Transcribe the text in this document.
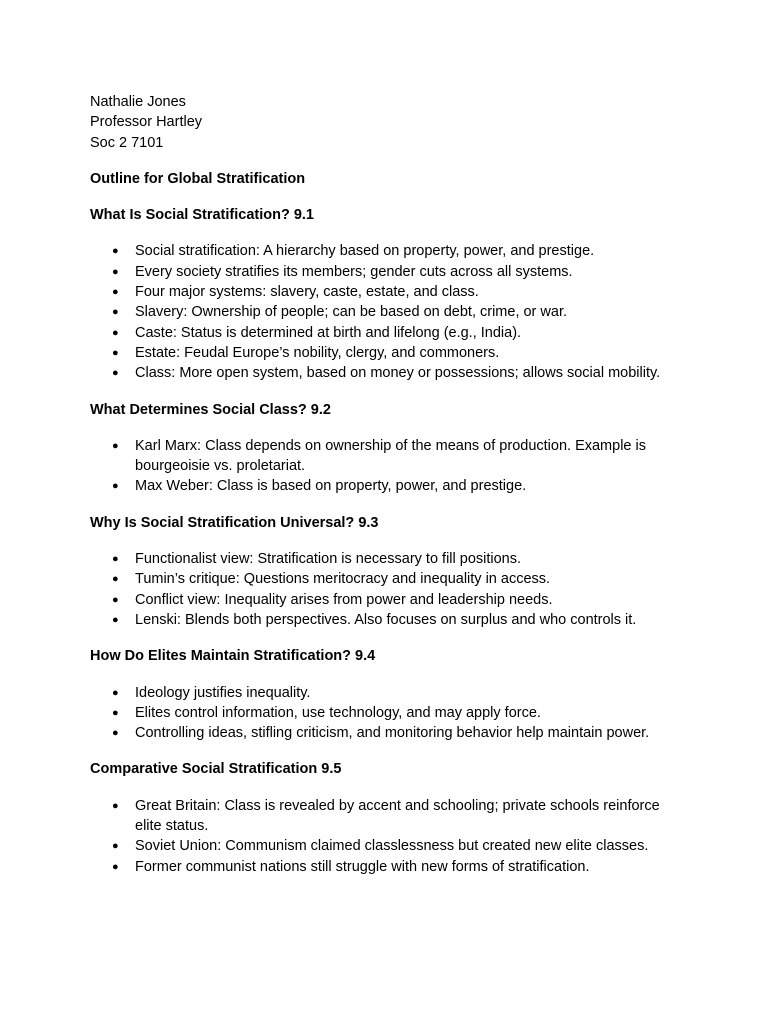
Nathalie Jones

Professor Hartley

Soc 2 7101

Outline for Global Stratification

What Is Social Stratification? 9.1

● Social stratification: A hierarchy based on property, power, and prestige.
● Every society stratifies its members; gender cuts across all systems.
● Four major systems: slavery, caste, estate, and class.
● Slavery: Ownership of people; can be based on debt, crime, or war.
● Caste: Status is determined at birth and lifelong (e.g., India).
● Estate: Feudal Europe’s nobility, clergy, and commoners.
● Class: More open system, based on money or possessions; allows social mobility.

What Determines Social Class? 9.2

● Karl Marx: Class depends on ownership of the means of production. Example is bourgeoisie vs. proletariat.
● Max Weber: Class is based on property, power, and prestige.

Why Is Social Stratification Universal? 9.3

● Functionalist view: Stratification is necessary to fill positions.
● Tumin’s critique: Questions meritocracy and inequality in access.
● Conflict view: Inequality arises from power and leadership needs.
● Lenski: Blends both perspectives. Also focuses on surplus and who controls it.

How Do Elites Maintain Stratification? 9.4

● Ideology justifies inequality.
● Elites control information, use technology, and may apply force.
● Controlling ideas, stifling criticism, and monitoring behavior help maintain power.

Comparative Social Stratification 9.5

● Great Britain: Class is revealed by accent and schooling; private schools reinforce elite status.
● Soviet Union: Communism claimed classlessness but created new elite classes.
● Former communist nations still struggle with new forms of stratification.
